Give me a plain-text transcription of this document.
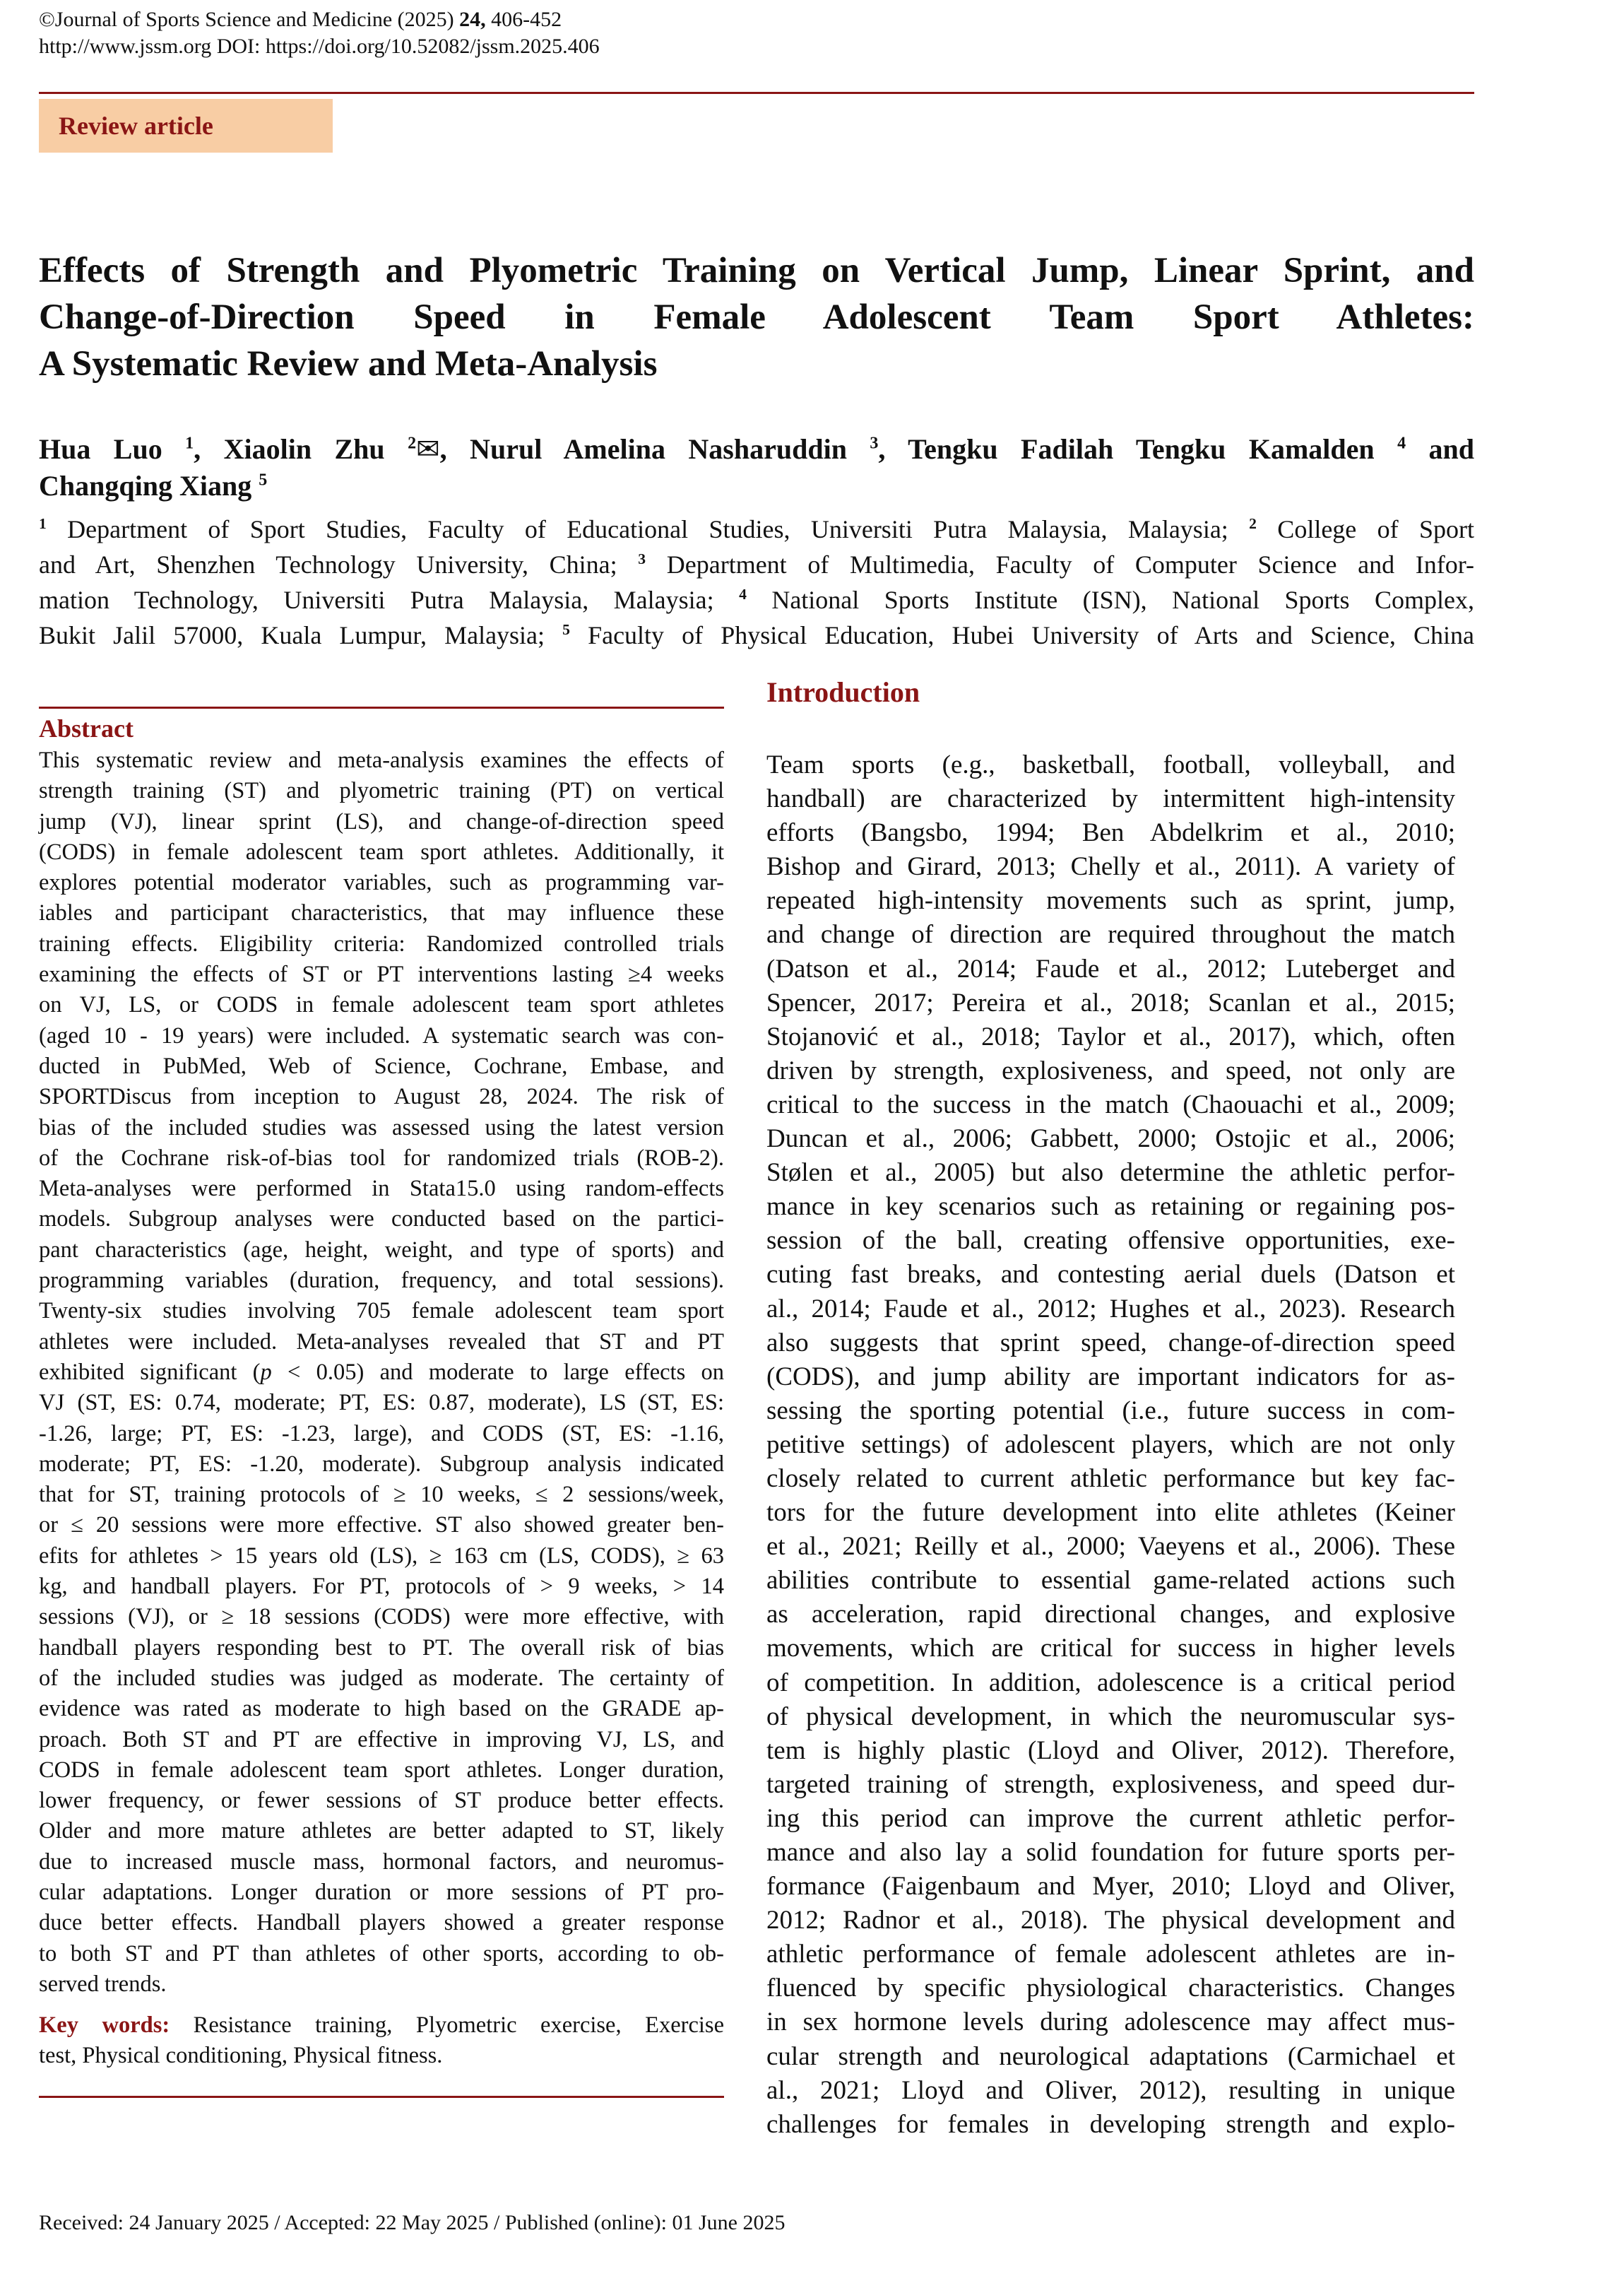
©Journal of Sports Science and Medicine (2025) 24, 406-452
http://www.jssm.org DOI: https://doi.org/10.52082/jssm.2025.406
Review article
Effects of Strength and Plyometric Training on Vertical Jump, Linear Sprint, and
Change-of-Direction Speed in Female Adolescent Team Sport Athletes:
A Systematic Review and Meta-Analysis
Hua Luo $^1$, Xiaolin Zhu $^2$✉, Nurul Amelina Nasharuddin $^3$, Tengku Fadilah Tengku Kamalden $^4$ and
Changqing Xiang $^5$
$^1$ Department of Sport Studies, Faculty of Educational Studies, Universiti Putra Malaysia, Malaysia; $^2$ College of Sport
and Art, Shenzhen Technology University, China; $^3$ Department of Multimedia, Faculty of Computer Science and Infor-
mation Technology, Universiti Putra Malaysia, Malaysia; $^4$ National Sports Institute (ISN), National Sports Complex,
Bukit Jalil 57000, Kuala Lumpur, Malaysia; $^5$ Faculty of Physical Education, Hubei University of Arts and Science, China
Abstract
This systematic review and meta-analysis examines the effects of
strength training (ST) and plyometric training (PT) on vertical
jump (VJ), linear sprint (LS), and change-of-direction speed
(CODS) in female adolescent team sport athletes. Additionally, it
explores potential moderator variables, such as programming var-
iables and participant characteristics, that may influence these
training effects. Eligibility criteria: Randomized controlled trials
examining the effects of ST or PT interventions lasting ≥4 weeks
on VJ, LS, or CODS in female adolescent team sport athletes
(aged 10 - 19 years) were included. A systematic search was con-
ducted in PubMed, Web of Science, Cochrane, Embase, and
SPORTDiscus from inception to August 28, 2024. The risk of
bias of the included studies was assessed using the latest version
of the Cochrane risk-of-bias tool for randomized trials (ROB-2).
Meta-analyses were performed in Stata15.0 using random-effects
models. Subgroup analyses were conducted based on the partici-
pant characteristics (age, height, weight, and type of sports) and
programming variables (duration, frequency, and total sessions).
Twenty-six studies involving 705 female adolescent team sport
athletes were included. Meta-analyses revealed that ST and PT
exhibited significant (p < 0.05) and moderate to large effects on
VJ (ST, ES: 0.74, moderate; PT, ES: 0.87, moderate), LS (ST, ES:
-1.26, large; PT, ES: -1.23, large), and CODS (ST, ES: -1.16,
moderate; PT, ES: -1.20, moderate). Subgroup analysis indicated
that for ST, training protocols of ≥ 10 weeks, ≤ 2 sessions/week,
or ≤ 20 sessions were more effective. ST also showed greater ben-
efits for athletes > 15 years old (LS), ≥ 163 cm (LS, CODS), ≥ 63
kg, and handball players. For PT, protocols of > 9 weeks, > 14
sessions (VJ), or ≥ 18 sessions (CODS) were more effective, with
handball players responding best to PT. The overall risk of bias
of the included studies was judged as moderate. The certainty of
evidence was rated as moderate to high based on the GRADE ap-
proach. Both ST and PT are effective in improving VJ, LS, and
CODS in female adolescent team sport athletes. Longer duration,
lower frequency, or fewer sessions of ST produce better effects.
Older and more mature athletes are better adapted to ST, likely
due to increased muscle mass, hormonal factors, and neuromus-
cular adaptations. Longer duration or more sessions of PT pro-
duce better effects. Handball players showed a greater response
to both ST and PT than athletes of other sports, according to ob-
served trends.
Key words: Resistance training, Plyometric exercise, Exercise
test, Physical conditioning, Physical fitness.
Introduction
Team sports (e.g., basketball, football, volleyball, and
handball) are characterized by intermittent high-intensity
efforts (Bangsbo, 1994; Ben Abdelkrim et al., 2010;
Bishop and Girard, 2013; Chelly et al., 2011). A variety of
repeated high-intensity movements such as sprint, jump,
and change of direction are required throughout the match
(Datson et al., 2014; Faude et al., 2012; Luteberget and
Spencer, 2017; Pereira et al., 2018; Scanlan et al., 2015;
Stojanović et al., 2018; Taylor et al., 2017), which, often
driven by strength, explosiveness, and speed, not only are
critical to the success in the match (Chaouachi et al., 2009;
Duncan et al., 2006; Gabbett, 2000; Ostojic et al., 2006;
Stølen et al., 2005) but also determine the athletic perfor-
mance in key scenarios such as retaining or regaining pos-
session of the ball, creating offensive opportunities, exe-
cuting fast breaks, and contesting aerial duels (Datson et
al., 2014; Faude et al., 2012; Hughes et al., 2023). Research
also suggests that sprint speed, change-of-direction speed
(CODS), and jump ability are important indicators for as-
sessing the sporting potential (i.e., future success in com-
petitive settings) of adolescent players, which are not only
closely related to current athletic performance but key fac-
tors for the future development into elite athletes (Keiner
et al., 2021; Reilly et al., 2000; Vaeyens et al., 2006). These
abilities contribute to essential game-related actions such
as acceleration, rapid directional changes, and explosive
movements, which are critical for success in higher levels
of competition. In addition, adolescence is a critical period
of physical development, in which the neuromuscular sys-
tem is highly plastic (Lloyd and Oliver, 2012). Therefore,
targeted training of strength, explosiveness, and speed dur-
ing this period can improve the current athletic perfor-
mance and also lay a solid foundation for future sports per-
formance (Faigenbaum and Myer, 2010; Lloyd and Oliver,
2012; Radnor et al., 2018). The physical development and
athletic performance of female adolescent athletes are in-
fluenced by specific physiological characteristics. Changes
in sex hormone levels during adolescence may affect mus-
cular strength and neurological adaptations (Carmichael et
al., 2021; Lloyd and Oliver, 2012), resulting in unique
challenges for females in developing strength and explo-
Received: 24 January 2025 / Accepted: 22 May 2025 / Published (online): 01 June 2025
